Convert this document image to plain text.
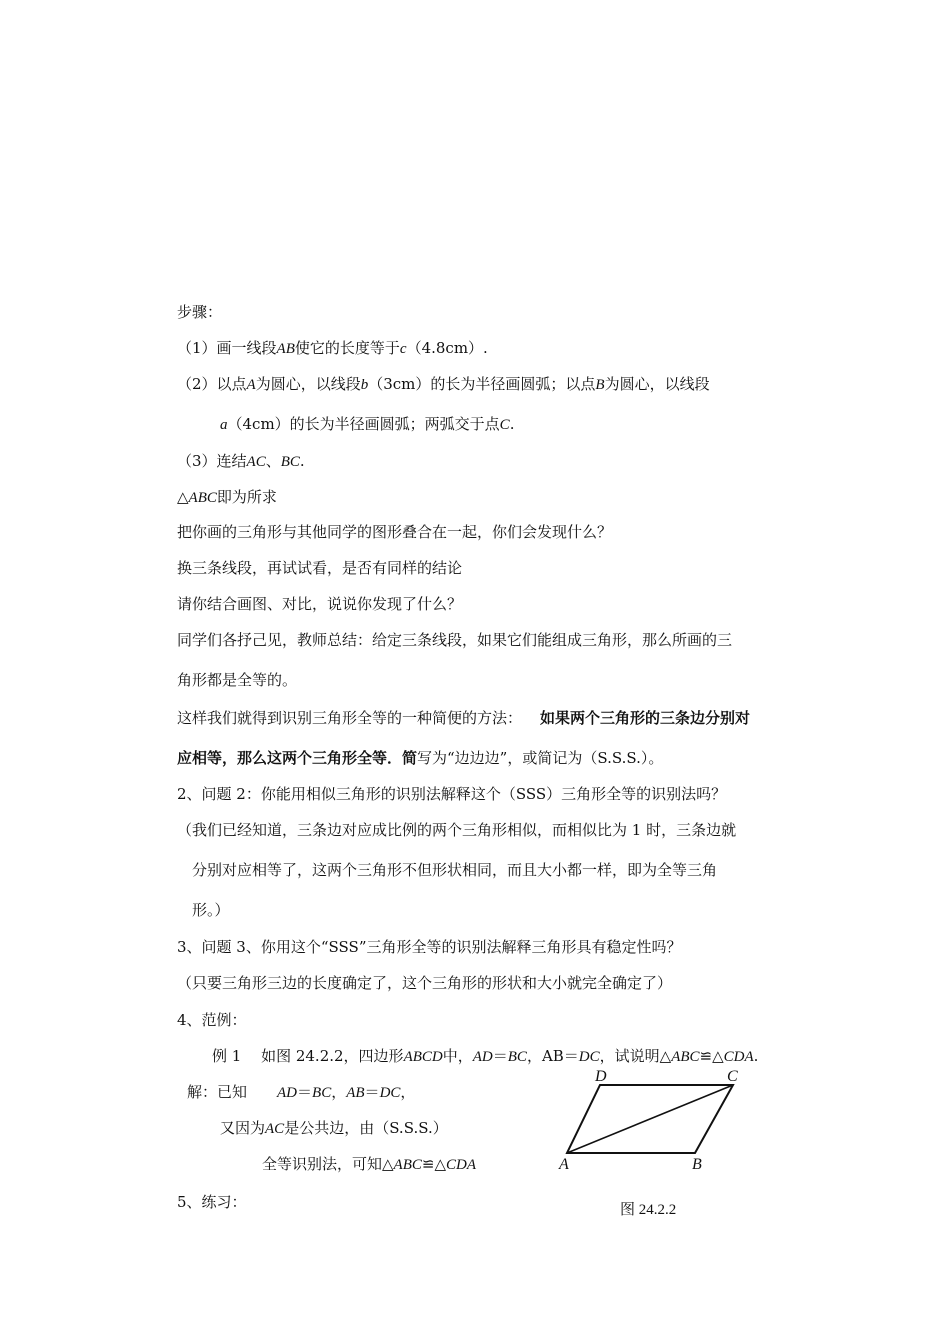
步骤：
（1）画一线段AB使它的长度等于c（4.8cm）.
（2）以点A为圆心，以线段b（3cm）的长为半径画圆弧；以点B为圆心，以线段
a（4cm）的长为半径画圆弧；两弧交于点C.
（3）连结AC、BC.
△ABC即为所求
把你画的三角形与其他同学的图形叠合在一起，你们会发现什么？
换三条线段，再试试看，是否有同样的结论
请你结合画图、对比，说说你发现了什么？
同学们各抒己见，教师总结：给定三条线段，如果它们能组成三角形，那么所画的三
角形都是全等的。
这样我们就得到识别三角形全等的一种简便的方法： 如果两个三角形的三条边分别对
应相等，那么这两个三角形全等．简写为“边边边”，或简记为（S.S.S.）。
2、问题 2：你能用相似三角形的识别法解释这个（SSS）三角形全等的识别法吗？
（我们已经知道，三条边对应成比例的两个三角形相似，而相似比为 1 时，三条边就
分别对应相等了，这两个三角形不但形状相同，而且大小都一样，即为全等三角
形。）
3、问题 3、你用这个“SSS”三角形全等的识别法解释三角形具有稳定性吗？
（只要三角形三边的长度确定了，这个三角形的形状和大小就完全确定了）
4、范例：
例 1　 如图 24.2.2，四边形ABCD中，AD＝BC，AB＝DC，试说明△ABC≌△CDA.
解：已知　　AD＝BC，AB＝DC，
又因为AC是公共边，由（S.S.S.）
全等识别法，可知△ABC≌△CDA
5、练习：
D	C
A	B
图 24.2.2
